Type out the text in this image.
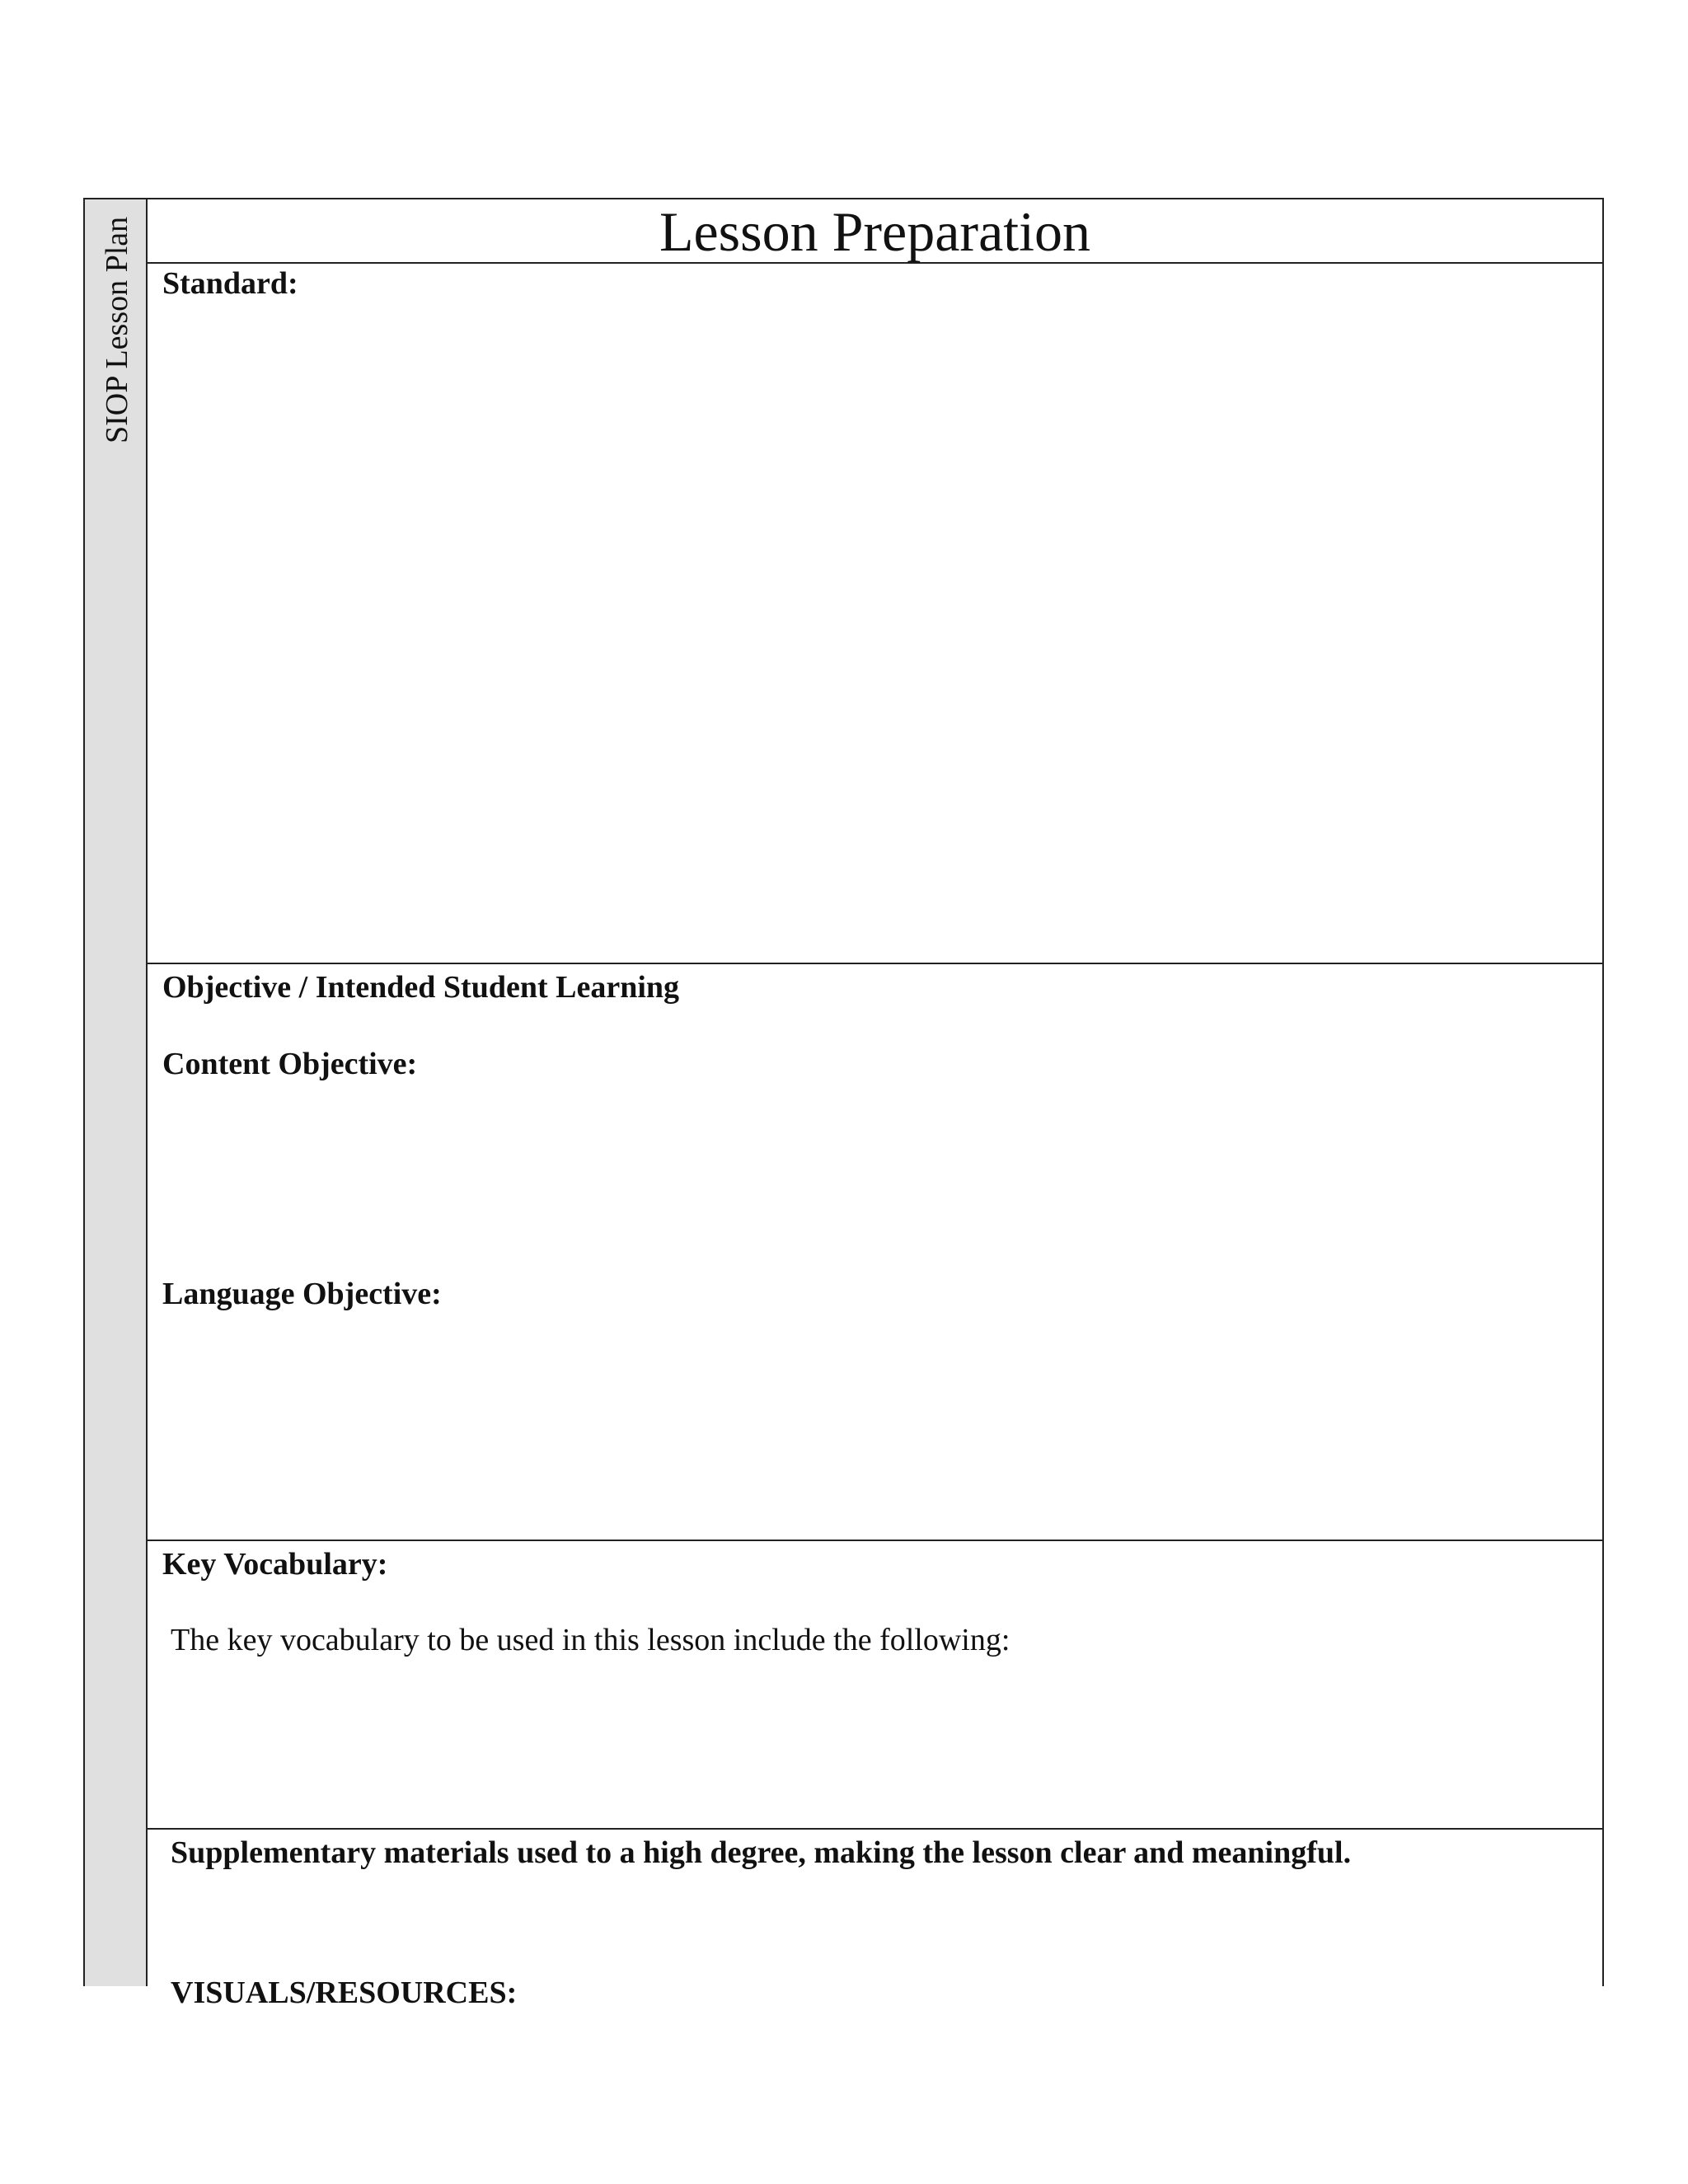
SIOP Lesson Plan	Lesson Preparation
Standard:
Objective / Intended Student Learning
Content Objective:
Language Objective:
Key Vocabulary:
The key vocabulary to be used in this lesson include the following:
Supplementary materials used to a high degree, making the lesson clear and meaningful.
VISUALS/RESOURCES:
